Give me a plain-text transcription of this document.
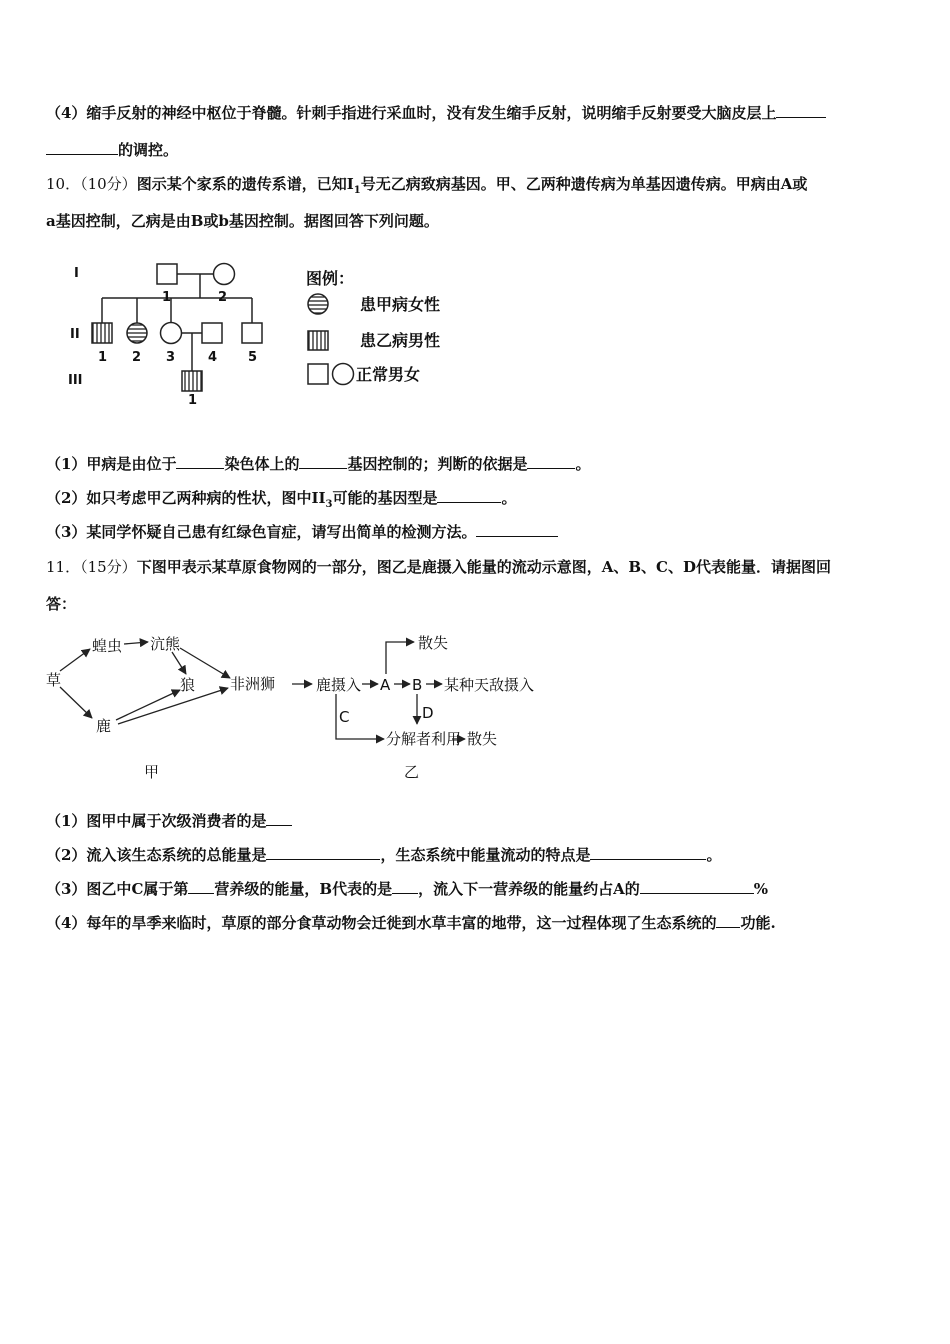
（4）缩手反射的神经中枢位于脊髓。针刺手指进行采血时，没有发生缩手反射，说明缩手反射要受大脑皮层上
的调控。
10．（10分）图示某个家系的遗传系谱，已知$Ⅰ_1$号无乙病致病基因。甲、乙两种遗传病为单基因遗传病。甲病由A或
a基因控制，乙病是由B或b基因控制。据图回答下列问题。
I
II
III
1	2
1 2 3	4 5
1
图例：
患甲病女性
患乙病男性
正常男女
（1）甲病是由位于	染色体上的	基因控制的；判断的依据是	。
（2）如只考虑甲乙两种病的性状，图中$II_3$可能的基因型是	。
（3）某同学怀疑自己患有红绿色盲症，请写出简单的检测方法。
11．（15分）下图甲表示某草原食物网的一部分，图乙是鹿摄入能量的流动示意图，A、B、C、D代表能量．请据图回
答：
草
蝗虫 沆熊
狼
鹿
非洲狮
甲
鹿摄入 A B 某种天敌摄入
散失
C	D
分解者利用 散失
乙
（1）图甲中属于次级消费者的是
（2）流入该生态系统的总能量是	，生态系统中能量流动的特点是	。
（3）图乙中C属于第 营养级的能量，B代表的是 ，流入下一营养级的能量约占A的	%
（4）每年的旱季来临时，草原的部分食草动物会迁徙到水草丰富的地带，这一过程体现了生态系统的 功能.
